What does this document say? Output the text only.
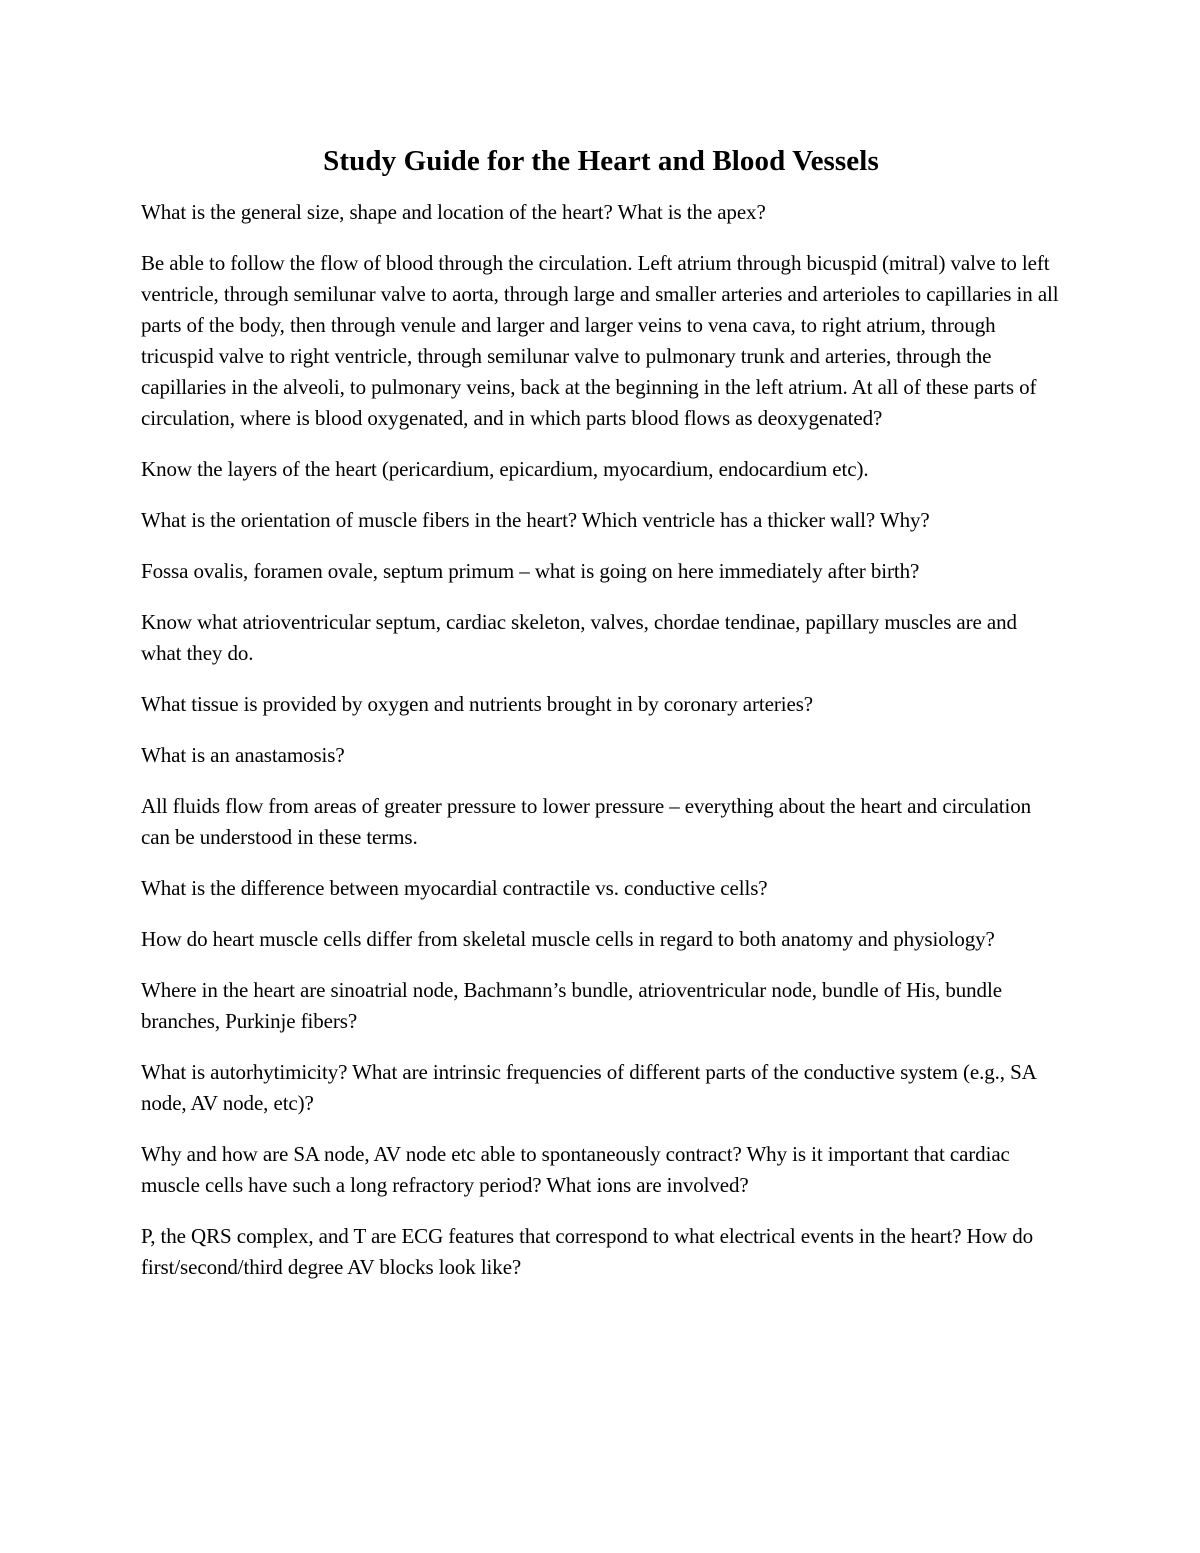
Study Guide for the Heart and Blood Vessels

What is the general size, shape and location of the heart? What is the apex?

Be able to follow the flow of blood through the circulation. Left atrium through bicuspid (mitral) valve to left ventricle, through semilunar valve to aorta, through large and smaller arteries and arterioles to capillaries in all parts of the body, then through venule and larger and larger veins to vena cava, to right atrium, through tricuspid valve to right ventricle, through semilunar valve to pulmonary trunk and arteries, through the capillaries in the alveoli, to pulmonary veins, back at the beginning in the left atrium. At all of these parts of circulation, where is blood oxygenated, and in which parts blood flows as deoxygenated?

Know the layers of the heart (pericardium, epicardium, myocardium, endocardium etc).

What is the orientation of muscle fibers in the heart? Which ventricle has a thicker wall? Why?

Fossa ovalis, foramen ovale, septum primum – what is going on here immediately after birth?

Know what atrioventricular septum, cardiac skeleton, valves, chordae tendinae, papillary muscles are and what they do.

What tissue is provided by oxygen and nutrients brought in by coronary arteries?

What is an anastamosis?

All fluids flow from areas of greater pressure to lower pressure – everything about the heart and circulation can be understood in these terms.

What is the difference between myocardial contractile vs. conductive cells?

How do heart muscle cells differ from skeletal muscle cells in regard to both anatomy and physiology?

Where in the heart are sinoatrial node, Bachmann’s bundle, atrioventricular node, bundle of His, bundle branches, Purkinje fibers?

What is autorhytimicity? What are intrinsic frequencies of different parts of the conductive system (e.g., SA node, AV node, etc)?

Why and how are SA node, AV node etc able to spontaneously contract? Why is it important that cardiac muscle cells have such a long refractory period? What ions are involved?

P, the QRS complex, and T are ECG features that correspond to what electrical events in the heart? How do first/second/third degree AV blocks look like?
